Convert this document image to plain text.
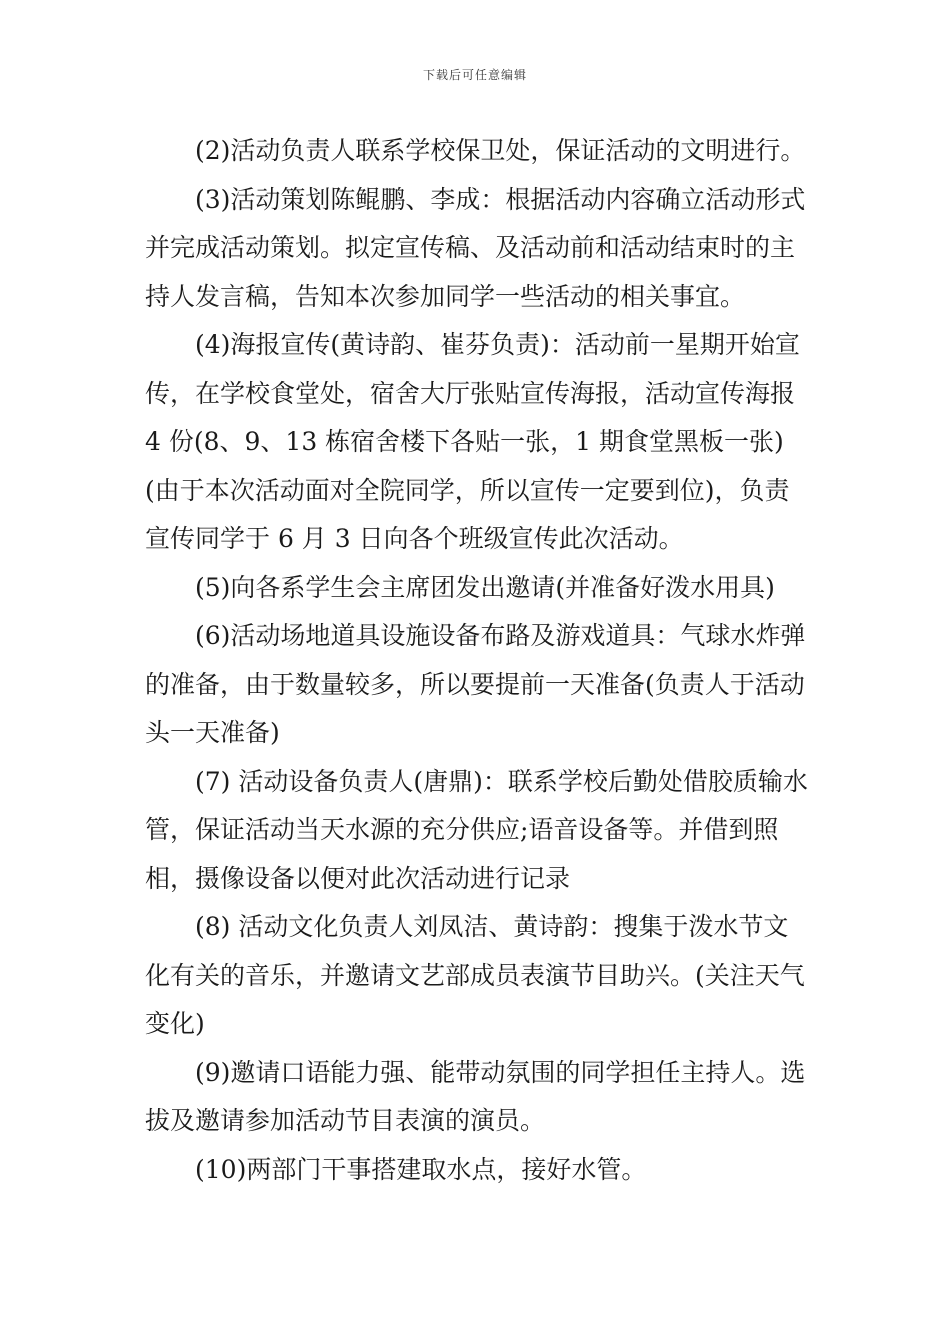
下载后可任意编辑

(2)活动负责人联系学校保卫处，保证活动的文明进行。

(3)活动策划陈鲲鹏、李成：根据活动内容确立活动形式并完成活动策划。拟定宣传稿、及活动前和活动结束时的主持人发言稿，告知本次参加同学一些活动的相关事宜。

(4)海报宣传(黄诗韵、崔芬负责)：活动前一星期开始宣传，在学校食堂处，宿舍大厅张贴宣传海报，活动宣传海报 4 份(8、9、13 栋宿舍楼下各贴一张，1 期食堂黑板一张)(由于本次活动面对全院同学，所以宣传一定要到位)，负责宣传同学于 6 月 3 日向各个班级宣传此次活动。

(5)向各系学生会主席团发出邀请(并准备好泼水用具)

(6)活动场地道具设施设备布路及游戏道具：气球水炸弹的准备，由于数量较多，所以要提前一天准备(负责人于活动头一天准备)

(7) 活动设备负责人(唐鼎)：联系学校后勤处借胶质输水管，保证活动当天水源的充分供应;语音设备等。并借到照相，摄像设备以便对此次活动进行记录

(8) 活动文化负责人刘凤洁、黄诗韵：搜集于泼水节文化有关的音乐，并邀请文艺部成员表演节目助兴。(关注天气变化)

(9)邀请口语能力强、能带动氛围的同学担任主持人。选拔及邀请参加活动节目表演的演员。

(10)两部门干事搭建取水点，接好水管。
